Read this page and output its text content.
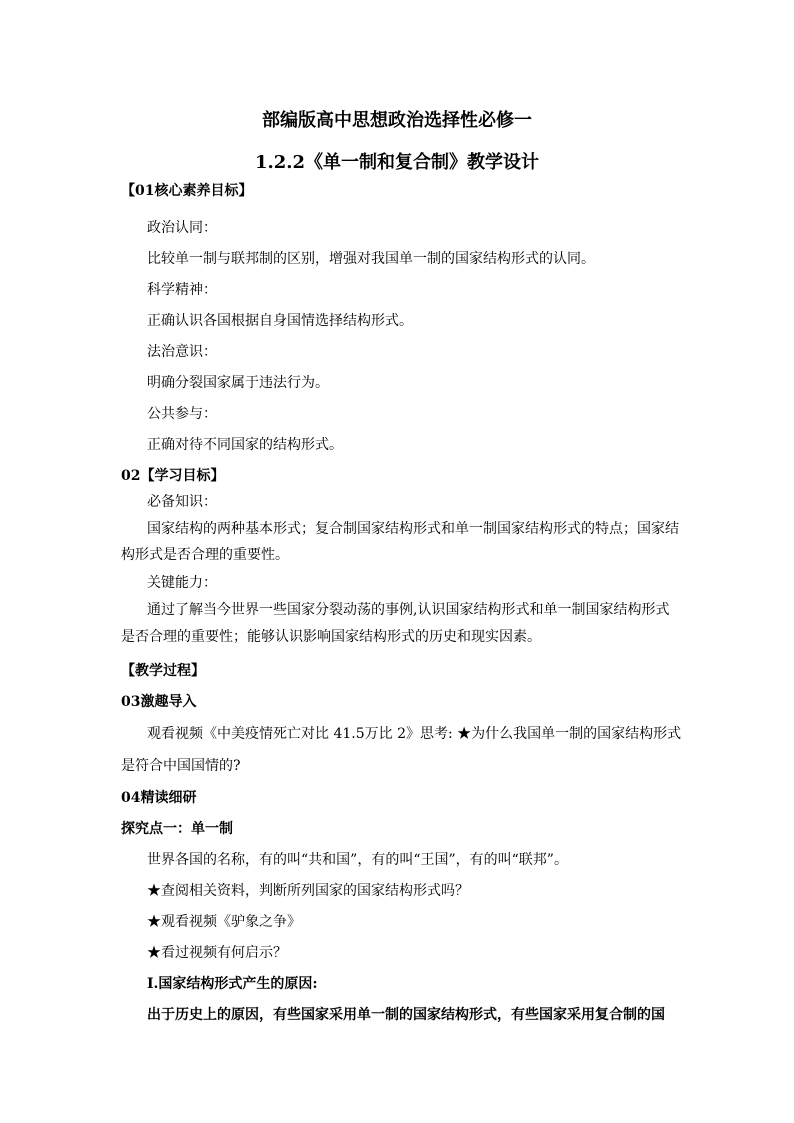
部编版高中思想政治选择性必修一
1.2.2《单一制和复合制》教学设计
【01核心素养目标】
政治认同：
比较单一制与联邦制的区别，增强对我国单一制的国家结构形式的认同。
科学精神：
正确认识各国根据自身国情选择结构形式。
法治意识：
明确分裂国家属于违法行为。
公共参与：
正确对待不同国家的结构形式。
02【学习目标】
必备知识：
国家结构的两种基本形式；复合制国家结构形式和单一制国家结构形式的特点；国家结
构形式是否合理的重要性。
关键能力：
通过了解当今世界一些国家分裂动荡的事例,认识国家结构形式和单一制国家结构形式
是否合理的重要性；能够认识影响国家结构形式的历史和现实因素。
【教学过程】
03激趣导入
观看视频《中美疫情死亡对比 41.5万比 2》思考: ★为什么我国单一制的国家结构形式
是符合中国国情的?
04精读细研
探究点一：单一制
世界各国的名称，有的叫“共和国”，有的叫“王国”，有的叫“联邦”。
★查阅相关资料，判断所列国家的国家结构形式吗？
★观看视频《驴象之争》
★看过视频有何启示？
Ⅰ.国家结构形式产生的原因:
出于历史上的原因，有些国家采用单一制的国家结构形式，有些国家采用复合制的国
